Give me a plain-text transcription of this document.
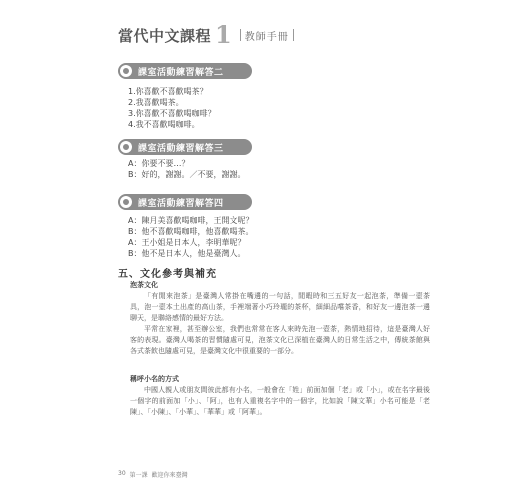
當代中文課程 1 教師手冊
課室活動練習解答二
1.你喜歡不喜歡喝茶？
2.我喜歡喝茶。
3.你喜歡不喜歡喝咖啡？
4.我不喜歡喝咖啡。
課室活動練習解答三
A：你要不要…？
B：好的，謝謝。／不要，謝謝。
課室活動練習解答四
A：陳月美喜歡喝咖啡，王開文呢？
B：他不喜歡喝咖啡，他喜歡喝茶。
A：王小姐是日本人，李明華呢？
B：他不是日本人，他是臺灣人。
五、文化參考與補充
泡茶文化
「有閒來泡茶」是臺灣人常掛在嘴邊的一句話，閒暇時和三五好友一起泡茶，準備一壺茶具，泡一壺本土出產的高山茶，手裡端著小巧玲瓏的茶杯，細細品嚐茶香，和好友一邊泡茶一邊聊天，是聯絡感情的最好方法。
平常在家裡，甚至辦公室，我們也常常在客人來時先泡一壺茶，熱情地招待，這是臺灣人好客的表現。臺灣人喝茶的習慣隨處可見，泡茶文化已深植在臺灣人的日常生活之中，傳統茶館與各式茶飲也隨處可見，是臺灣文化中很重要的一部分。
稱呼小名的方式
中國人親人或朋友間彼此都有小名，一般會在「姓」前面加個「老」或「小」，或在名字最後一個字的前面加「小」、「阿」，也有人重複名字中的一個字，比如說「陳文華」小名可能是「老陳」、「小陳」、「小華」、「華華」或「阿華」。
30 第一課 歡迎你來臺灣
